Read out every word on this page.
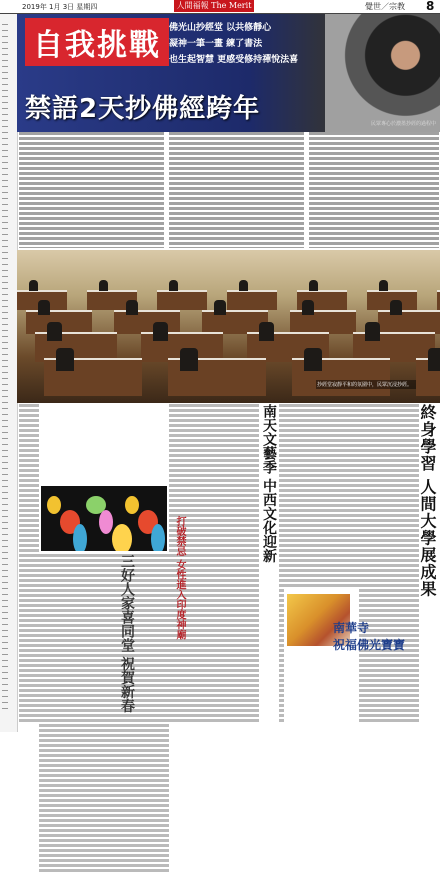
2019年 1月 3日 星期四	人間福報 The Merit	覺世／宗教 8
自我挑戰 佛光山抄經堂 以共修靜心
凝神一筆一畫 練了書法
也生起智慧 更感受修持禪悅法喜
禁語2天抄佛經跨年	民眾專心於濃墨抄經的過程中
抄經堂寂靜平和的氛圍中，民眾沉浸抄經。
終身學習 人間大學展成果
南天文藝季 中西文化迎新
打破禁忌 女性進入印度神廟
三好人家喜同堂 祝賀新春	南華寺
祝福佛光寶寶
